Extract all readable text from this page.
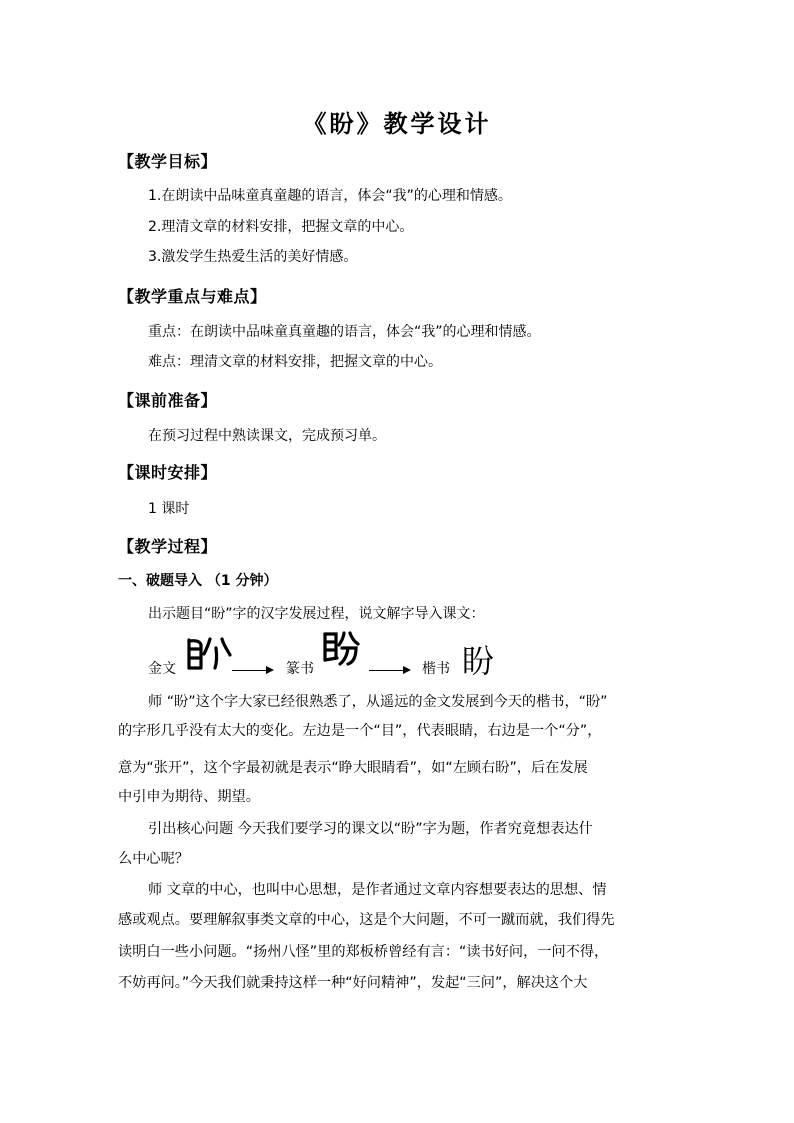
《盼》教学设计
【教学目标】
1.在朗读中品味童真童趣的语言，体会“我”的心理和情感。
2.理清文章的材料安排，把握文章的中心。
3.激发学生热爱生活的美好情感。
【教学重点与难点】
重点：在朗读中品味童真童趣的语言，体会“我”的心理和情感。
难点：理清文章的材料安排，把握文章的中心。
【课前准备】
在预习过程中熟读课文，完成预习单。
【课时安排】
1 课时
【教学过程】
一、破题导入 （1 分钟）
出示题目“盼”字的汉字发展过程，说文解字导入课文：
金文	篆书	楷书 盼
师 “盼”这个字大家已经很熟悉了，从遥远的金文发展到今天的楷书，“盼”
的字形几乎没有太大的变化。左边是一个“目”，代表眼睛，右边是一个“分”，
意为“张开”，这个字最初就是表示“睁大眼睛看”，如“左顾右盼”，后在发展
中引申为期待、期望。
引出核心问题 今天我们要学习的课文以“盼”字为题，作者究竟想表达什
么中心呢？
师 文章的中心，也叫中心思想，是作者通过文章内容想要表达的思想、情
感或观点。要理解叙事类文章的中心，这是个大问题，不可一蹴而就，我们得先
读明白一些小问题。“扬州八怪”里的郑板桥曾经有言：“读书好问，一问不得，
不妨再问。”今天我们就秉持这样一种“好问精神”，发起“三问”，解决这个大
